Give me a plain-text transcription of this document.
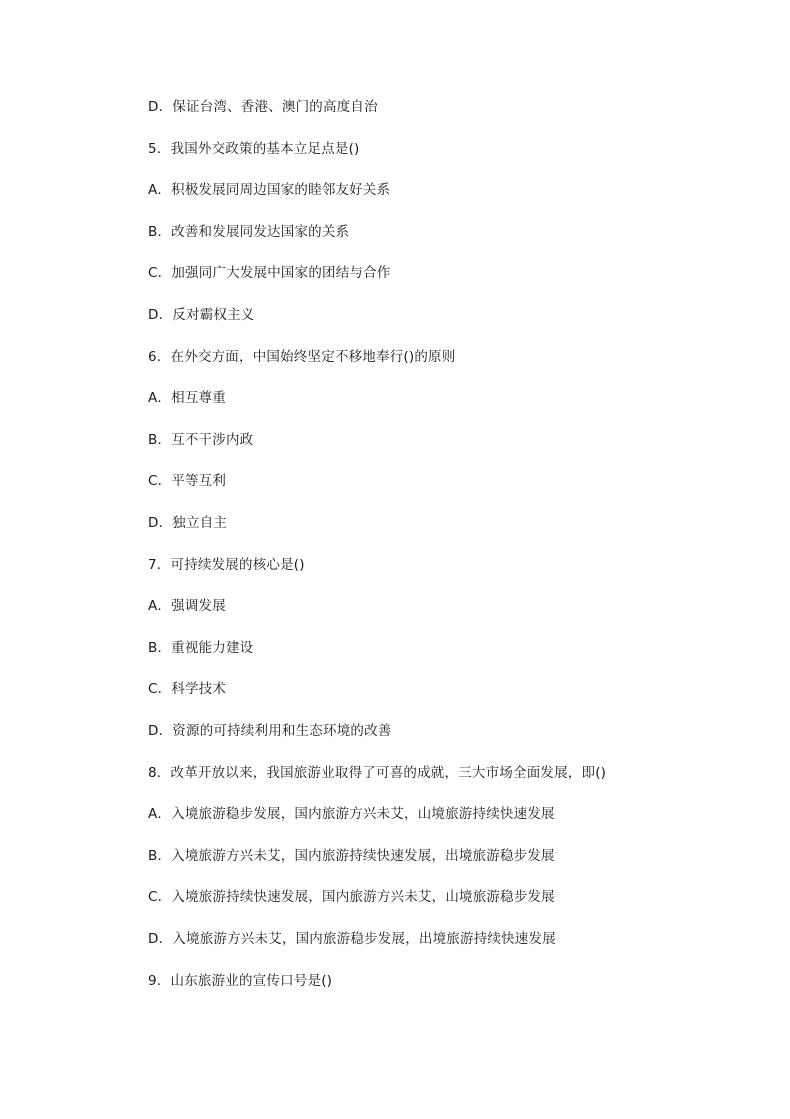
D．保证台湾、香港、澳门的高度自治
5．我国外交政策的基本立足点是()
A．积极发展同周边国家的睦邻友好关系
B．改善和发展同发达国家的关系
C．加强同广大发展中国家的团结与合作
D．反对霸权主义
6．在外交方面，中国始终坚定不移地奉行()的原则
A．相互尊重
B．互不干涉内政
C．平等互利
D．独立自主
7．可持续发展的核心是()
A．强调发展
B．重视能力建设
C．科学技术
D．资源的可持续利用和生态环境的改善
8．改革开放以来，我国旅游业取得了可喜的成就，三大市场全面发展，即()
A．入境旅游稳步发展，国内旅游方兴未艾，山境旅游持续快速发展
B．入境旅游方兴未艾，国内旅游持续快速发展，出境旅游稳步发展
C．入境旅游持续快速发展，国内旅游方兴未艾，山境旅游稳步发展
D．入境旅游方兴未艾，国内旅游稳步发展，出境旅游持续快速发展
9．山东旅游业的宣传口号是()
